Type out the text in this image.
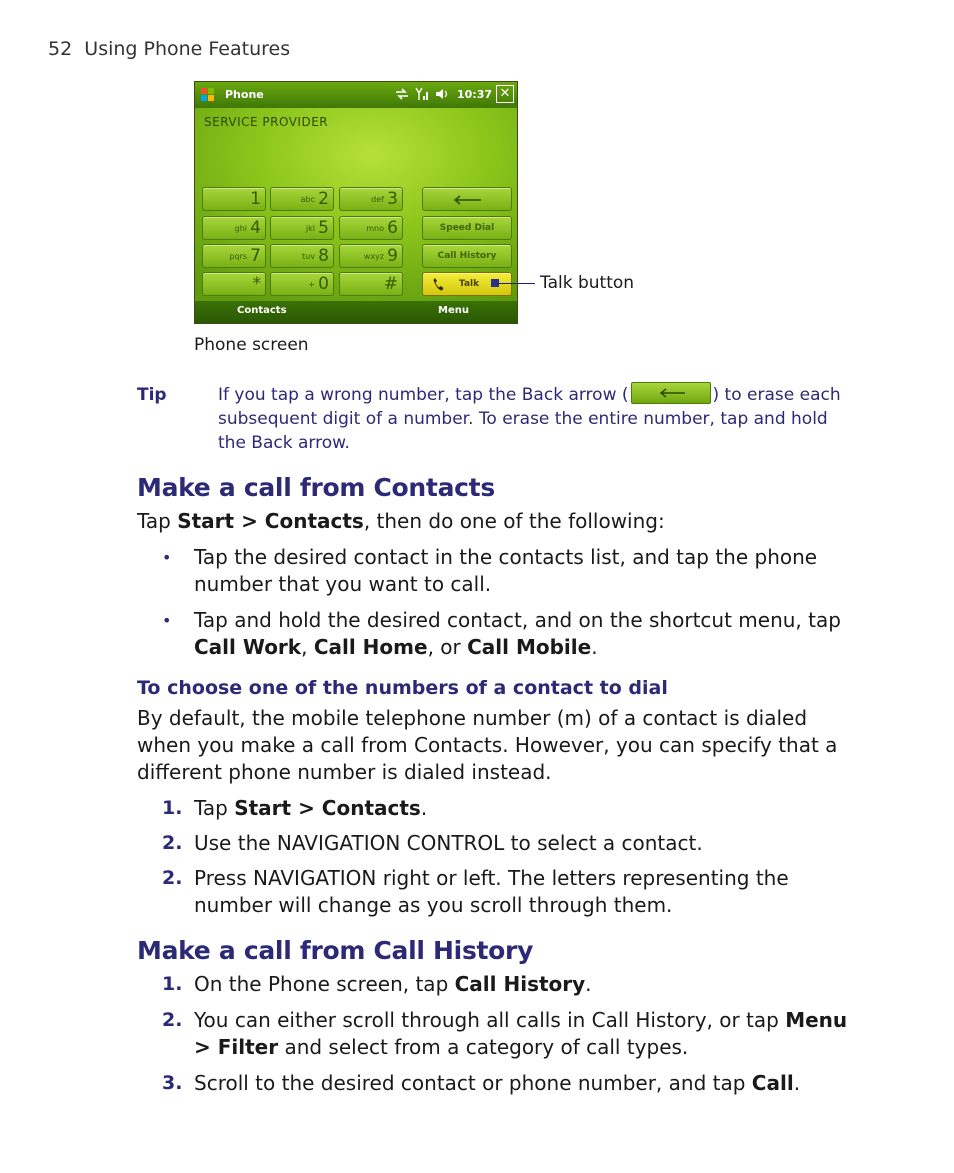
52 Using Phone Features
Phone	10:37 ✕
SERVICE PROVIDER
1	abc 2	def 3
ghi 4	jkl 5	mno 6
pqrs 7	tuv 8	wxyz 9
*	+ 0	#
Speed Dial
Call History
Talk
Contacts	Menu
Talk button
Phone screen
Tip	If you tap a wrong number, tap the Back arrow (	) to erase each subsequent digit of a number. To erase the entire number, tap and hold the Back arrow.
Make a call from Contacts
Tap Start > Contacts, then do one of the following:
• Tap the desired contact in the contacts list, and tap the phone number that you want to call.
• Tap and hold the desired contact, and on the shortcut menu, tap Call Work, Call Home, or Call Mobile.
To choose one of the numbers of a contact to dial
By default, the mobile telephone number (m) of a contact is dialed when you make a call from Contacts. However, you can specify that a different phone number is dialed instead.
1. Tap Start > Contacts.
2. Use the NAVIGATION CONTROL to select a contact.
2. Press NAVIGATION right or left. The letters representing the number will change as you scroll through them.
Make a call from Call History
1. On the Phone screen, tap Call History.
2. You can either scroll through all calls in Call History, or tap Menu > Filter and select from a category of call types.
3. Scroll to the desired contact or phone number, and tap Call.
